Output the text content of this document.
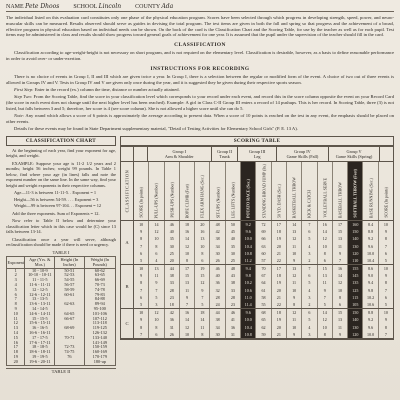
NAME Pete Dhoos SCHOOL Lincoln COUNTY Ada
The individual listed on this evaluation card constitutes only one phase of the physical education program. Scores have been selected through which progress in developing strength, speed, power, and neuro-muscular skills can be measured. Results observed should serve as guides in devising the total program. The test items are given in both the fall and spring so that progress and the achievement of a broad, effective program in physical education based on individual needs can be shown. On the back of the card is the Classification Chart and the Scoring Table, for use by the teacher as well as for each pupil. Test items may be administered in class and results should show progress toward general goals of achievement for one year. It is assumed that the pupil under the supervision of the teacher should fill in the card.
CLASSIFICATION
Classification according to age-weight-height is not necessary on short program, and is not required on the elementary level. Classification is desirable, however, as a basis to define reasonable performance in order to avoid over- or under-exertion.
INSTRUCTIONS FOR RECORDING
There is no choice of events in Group I, II and III which are given twice a year. In Group I, there is a selection between the regular or modified form of the event. A choice of two out of three events is allowed in Groups IV and V. Tests in Group IV and V are given only once during the year, and it is suggested they be given during their respective sports season.
First Step: Enter in the record (ex.) column the time, distance or number actually attained.
Step Two: From the Scoring Table, find the score in your classification level which corresponds to your record under each event, and record this in the score column opposite the event on your Record Card (the score in each event does not change until the next higher level has been reached). Example: A girl in Class C-II Group III enters a record of 14 pushups. This is her record. In Scoring Table, three (3) is not listed, but falls between 3 and 5; therefore, her score is 4 (see score column). She is not allowed a higher score until she can do 5.
Note: Any round which allows a score of 6 points is approximately the average according to present data. When a score of 10 points is reached on the test in any event, the emphasis should be placed on other events.
Details for these events may be found in State Department supplementary material, "Detail of Testing Activities for Elementary School Girls" (P. E. 13 A).
CLASSIFICATION CHART
At the beginning of each year, find your exponent for age, height, and weight.
EXAMPLE: Suppose your age is 11-2 1/2 years and 2 months; height 56 inches; weight 99 pounds. In Table 1 below, find where your age (in lines) falls and note the exponent number on the same line. In the same way, find your height and weight exponents in their respective columns.
Age—11-3 is between 11-11-5. . Exponent = 1
Height—56 is between 54-59. . . . Exponent = 3
Weight—99 is between 97-104. . . Exponent = 12
Add the three exponents. Sum of Exponents = 12.
Now refer to Table II below and determine your classification letter which in this case would be (C) since 13 falls between 13-14.
Classification once a year will serve, although reclassification should be made if there is need or urgency.
TABLE I
Exponent	Age (Yrs. & Mos.)	Height (In Inches)	Weight (In Pounds)
1	10 - 10-9	50-51	60-62
2	10-10 - 10-11	52-53	63-65
3	11 - 11-5	54-55	66-69
4	11-6 - 11-11	56-57	70-73
5	12 - 12-5	58-59	74-78
6	12-6 - 12-11	60-61	79-83
7	13 - 13-5		84-88
8	13-6 - 13-11	62-63	89-94
9	14 - 14-5		95-100
10	14-6 - 14-11	64-65	101-106
11	15 - 15-5	66-67	107-112
12	15-6 - 15-11		113-118
13	16 - 16-5	68-69	119-125
14	16-6 - 16-11		126-132
15	17 - 17-5	70-71	133-140
16	17-6 - 17-11		141-149
17	18 - 18-5	72-73	150-159
18	18-6 - 18-11	74-75	160-169
19	19 - 19-5	76	170-179
20	19-6 - 20-11		180-up
TABLE II
SCORING TABLE
Group I
Arm & Shoulder
Group II
Trunk
Group III
Leg
Group IV
Game Skills (Fall)
Group V
Game Skills (Spring)
CLASSIFICATION SCORE (In points)	PULL-UPS (Number)	PUSH-UPS (Number)	ROPE CLIMB (Feet)	FLEX ARM HANG (Sec.)	SIT-UPS (Number)	LEG LIFTS (Number)	POTATO RACE (Sec.)	STANDING BROAD JUMP (In.)	50 YD. DASH (Sec.)	BASKETBALL THROW	KICK & CATCH	VOLLEYBALL SERVE	BASEBALL THROW	SOFTBALL THROW (Feet)	BASE RUNNING (Sec.)	SCORE (In points)
A
10	14	46	18	20	48	50	9.2	72	17	14	7	16	17	160	8.4	10
9	12	40	16	16	42	45	9.6	69	18	13	6	14	15	150	8.8	9
8	10	35	14	13	38	40	10.0	66	19	12	5	12	13	140	9.2	8
7	8	30	12	10	34	35	10.4	63	20	11	4	10	11	130	9.6	7
6	6	25	10	8	30	30	10.8	60	21	10	3	8	9	120	10.0	6
5	4	20	8	6	26	25	11.2	57	22	9	2	6	7	110	10.4	5
B
10	13	44	17	19	46	48	9.4	70	17	13	7	15	16	155	8.6	10
9	11	38	15	15	40	43	9.8	67	18	12	6	13	14	145	9.0	9
8	9	33	13	12	36	38	10.2	64	19	11	5	11	12	135	9.4	8
7	7	28	11	9	32	33	10.6	61	20	10	4	9	10	125	9.8	7
6	5	23	9	7	28	28	11.0	58	21	9	3	7	8	115	10.2	6
5	3	18	7	5	24	23	11.4	55	22	8	2	5	6	105	10.6	5
C
10	12	42	16	18	44	46	9.6	68	18	12	6	14	15	150	8.8	10
9	10	36	14	14	38	41	10.0	65	19	11	5	12	13	140	9.2	9
8	8	31	12	11	34	36	10.4	62	20	10	4	10	11	130	9.6	8
7	6	26	10	8	30	31	10.8	59	21	9	3	8	9	120	10.0	7
